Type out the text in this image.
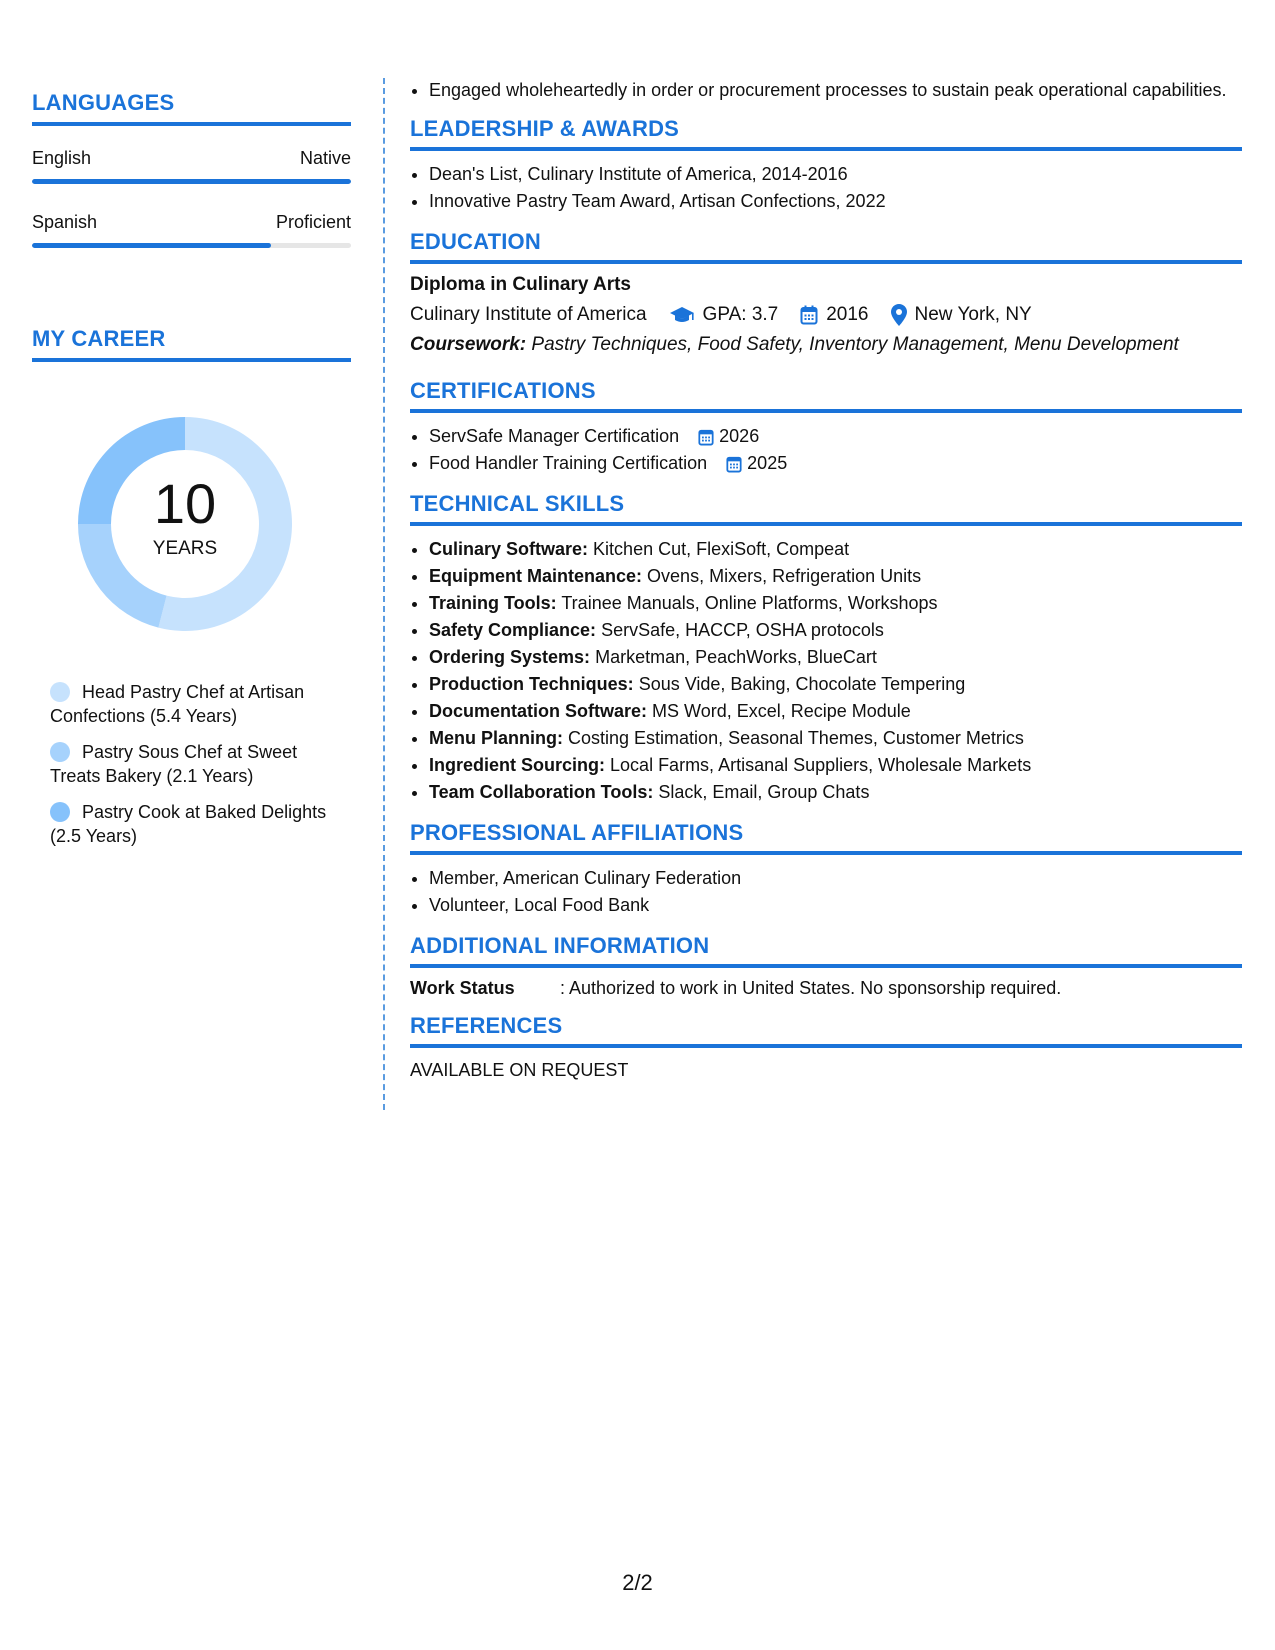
LANGUAGES
English	Native
Spanish	Proficient
MY CAREER
10
YEARS
Head Pastry Chef at Artisan Confections (5.4 Years)
Pastry Sous Chef at Sweet Treats Bakery (2.1 Years)
Pastry Cook at Baked Delights (2.5 Years)
• Engaged wholeheartedly in order or procurement processes to sustain peak operational capabilities.
LEADERSHIP & AWARDS
• Dean's List, Culinary Institute of America, 2014-2016
• Innovative Pastry Team Award, Artisan Confections, 2022
EDUCATION
Diploma in Culinary Arts
Culinary Institute of America	GPA: 3.7	2016 New York, NY
Coursework: Pastry Techniques, Food Safety, Inventory Management, Menu Development
CERTIFICATIONS
• ServSafe Manager Certification 2026
• Food Handler Training Certification 2025
TECHNICAL SKILLS
• Culinary Software: Kitchen Cut, FlexiSoft, Compeat
• Equipment Maintenance: Ovens, Mixers, Refrigeration Units
• Training Tools: Trainee Manuals, Online Platforms, Workshops
• Safety Compliance: ServSafe, HACCP, OSHA protocols
• Ordering Systems: Marketman, PeachWorks, BlueCart
• Production Techniques: Sous Vide, Baking, Chocolate Tempering
• Documentation Software: MS Word, Excel, Recipe Module
• Menu Planning: Costing Estimation, Seasonal Themes, Customer Metrics
• Ingredient Sourcing: Local Farms, Artisanal Suppliers, Wholesale Markets
• Team Collaboration Tools: Slack, Email, Group Chats
PROFESSIONAL AFFILIATIONS
• Member, American Culinary Federation
• Volunteer, Local Food Bank
ADDITIONAL INFORMATION
Work Status	: Authorized to work in United States. No sponsorship required.
REFERENCES
AVAILABLE ON REQUEST
2/2
